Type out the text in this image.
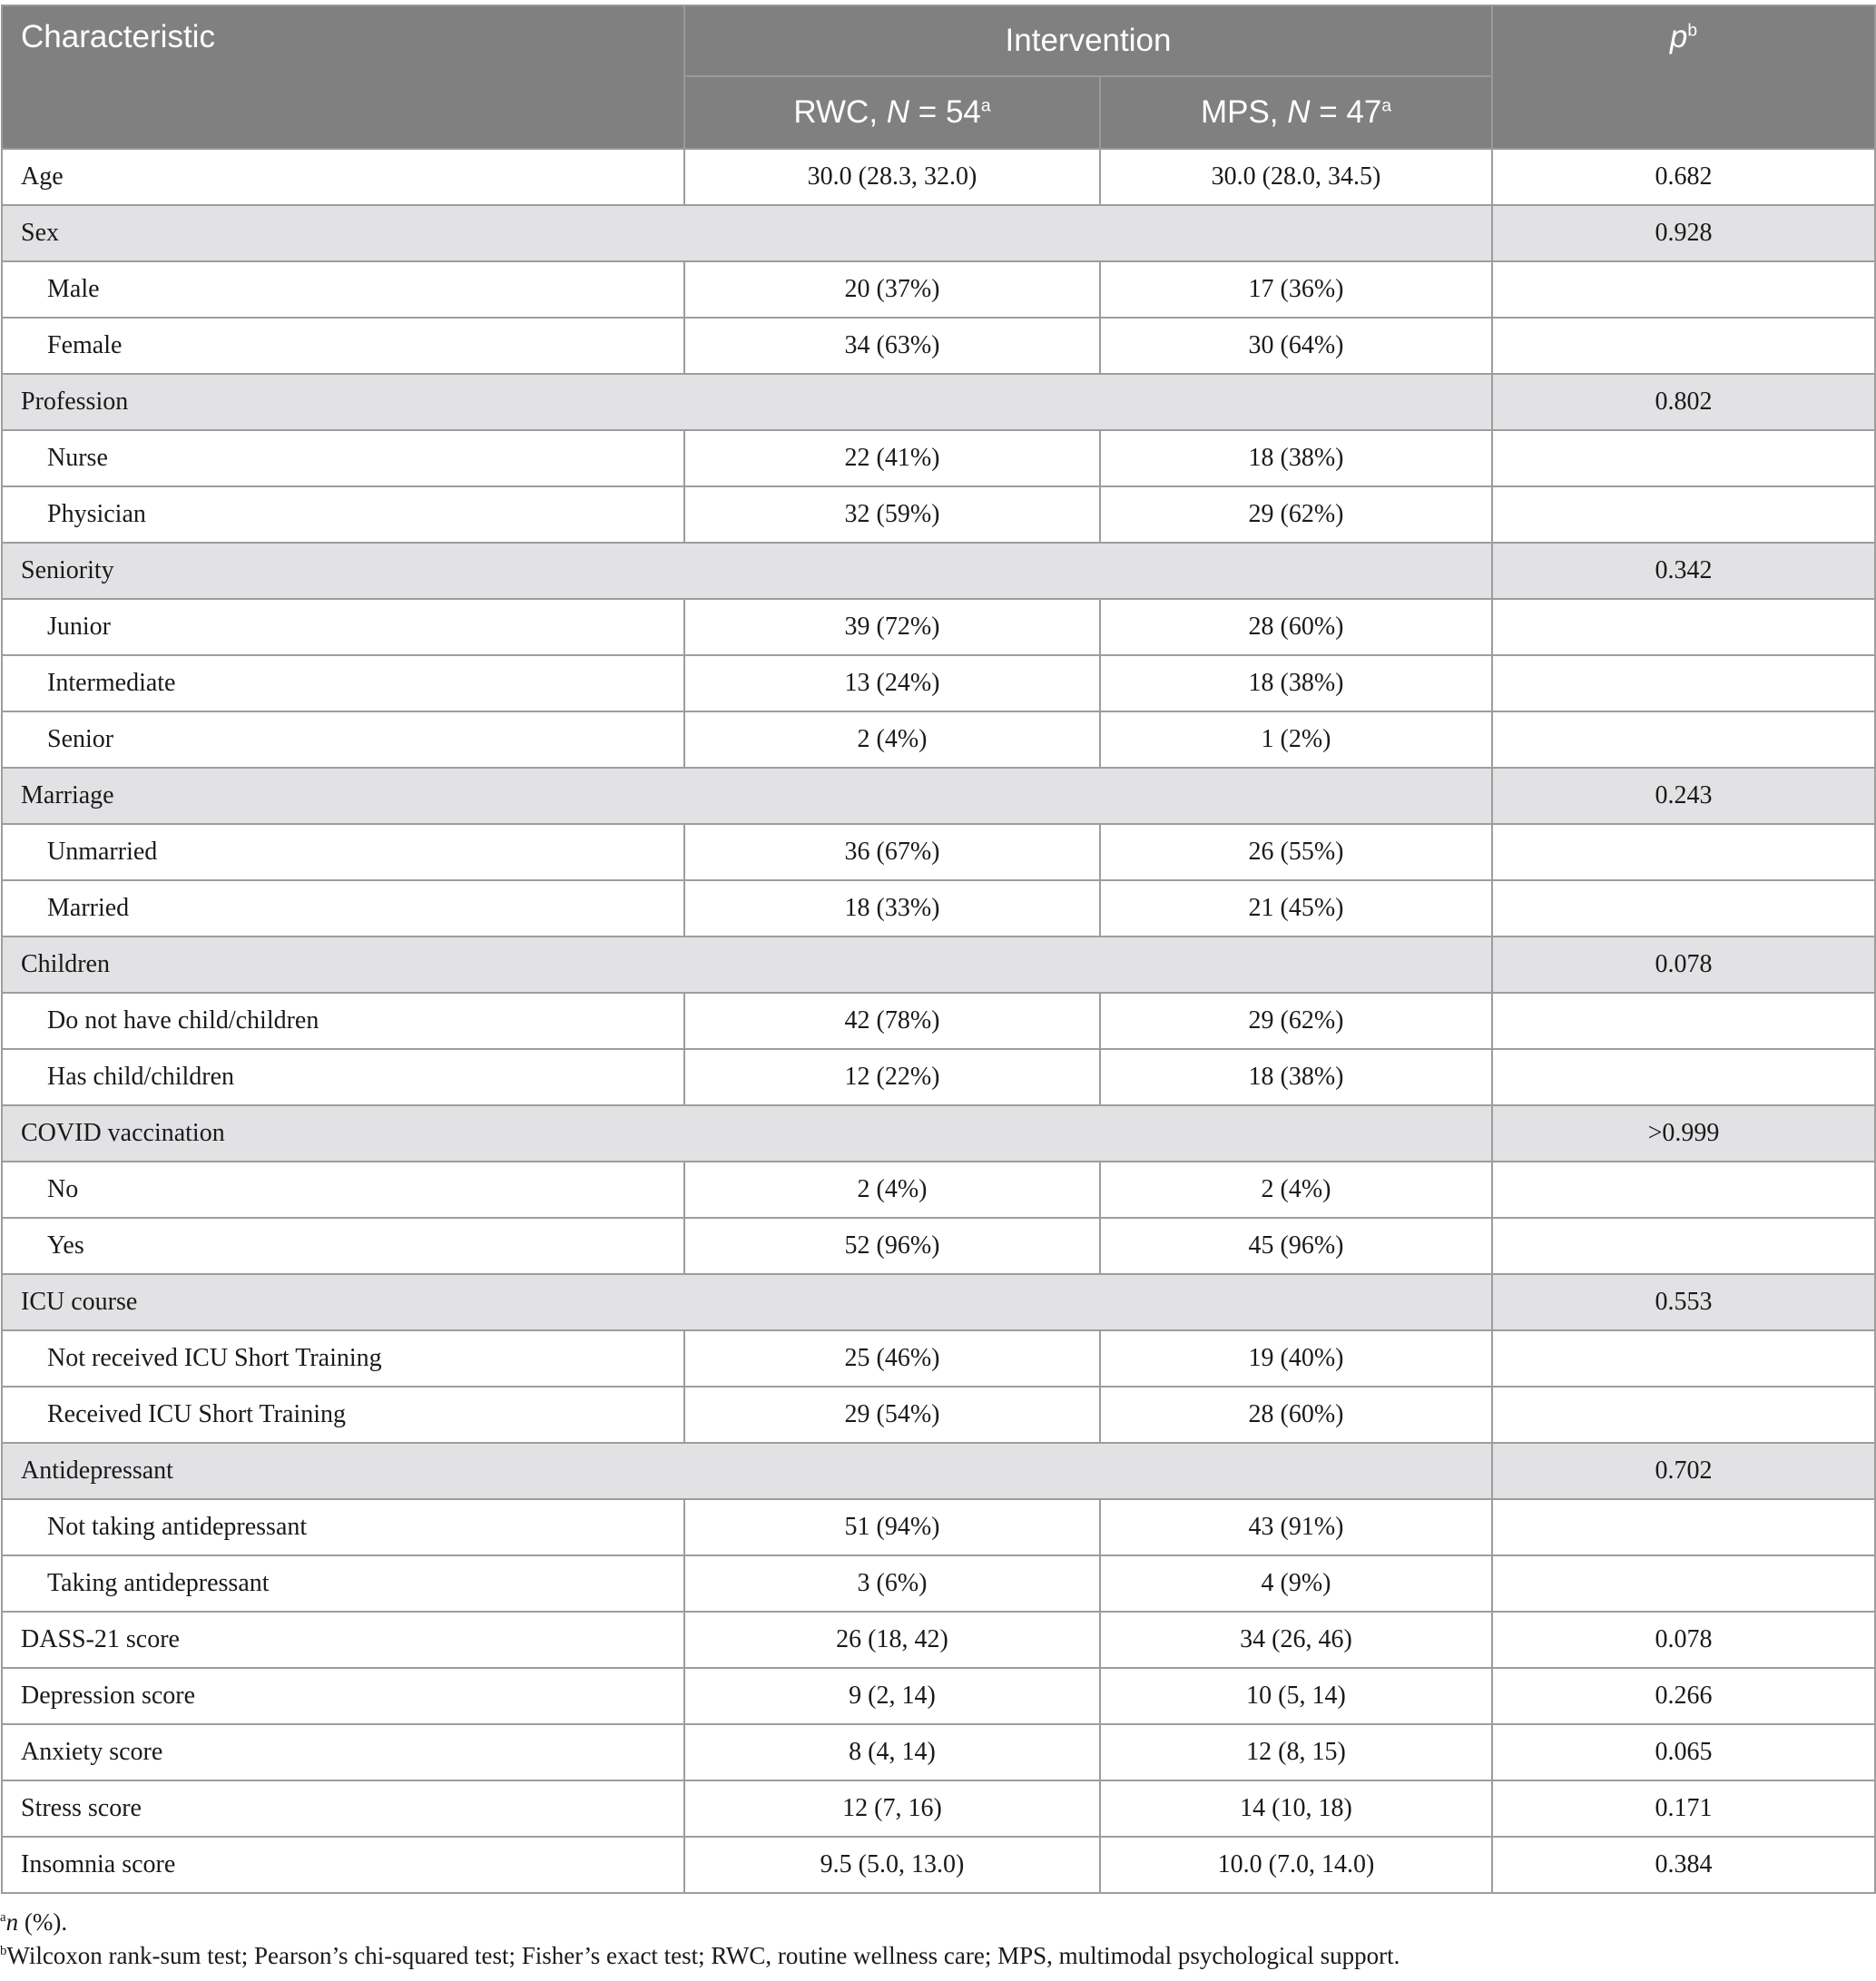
Characteristic	Intervention		$p^b$
	RWC, $N = 54^a$	MPS, $N = 47^a$
Age	30.0 (28.3, 32.0)	30.0 (28.0, 34.5)	0.682
Sex			0.928
Male	20 (37%)	17 (36%)	
Female	34 (63%)	30 (64%)	
Profession			0.802
Nurse	22 (41%)	18 (38%)	
Physician	32 (59%)	29 (62%)	
Seniority			0.342
Junior	39 (72%)	28 (60%)	
Intermediate	13 (24%)	18 (38%)	
Senior	2 (4%)	1 (2%)	
Marriage			0.243
Unmarried	36 (67%)	26 (55%)	
Married	18 (33%)	21 (45%)	
Children			0.078
Do not have child/children	42 (78%)	29 (62%)	
Has child/children	12 (22%)	18 (38%)	
COVID vaccination			>0.999
No	2 (4%)	2 (4%)	
Yes	52 (96%)	45 (96%)	
ICU course			0.553
Not received ICU Short Training	25 (46%)	19 (40%)	
Received ICU Short Training	29 (54%)	28 (60%)	
Antidepressant			0.702
Not taking antidepressant	51 (94%)	43 (91%)	
Taking antidepressant	3 (6%)	4 (9%)	
DASS-21 score	26 (18, 42)	34 (26, 46)	0.078
Depression score	9 (2, 14)	10 (5, 14)	0.266
Anxiety score	8 (4, 14)	12 (8, 15)	0.065
Stress score	12 (7, 16)	14 (10, 18)	0.171
Insomnia score	9.5 (5.0, 13.0)	10.0 (7.0, 14.0)	0.384
$^a$n (%).
$^b$Wilcoxon rank-sum test; Pearson’s chi-squared test; Fisher’s exact test; RWC, routine wellness care; MPS, multimodal psychological support.
